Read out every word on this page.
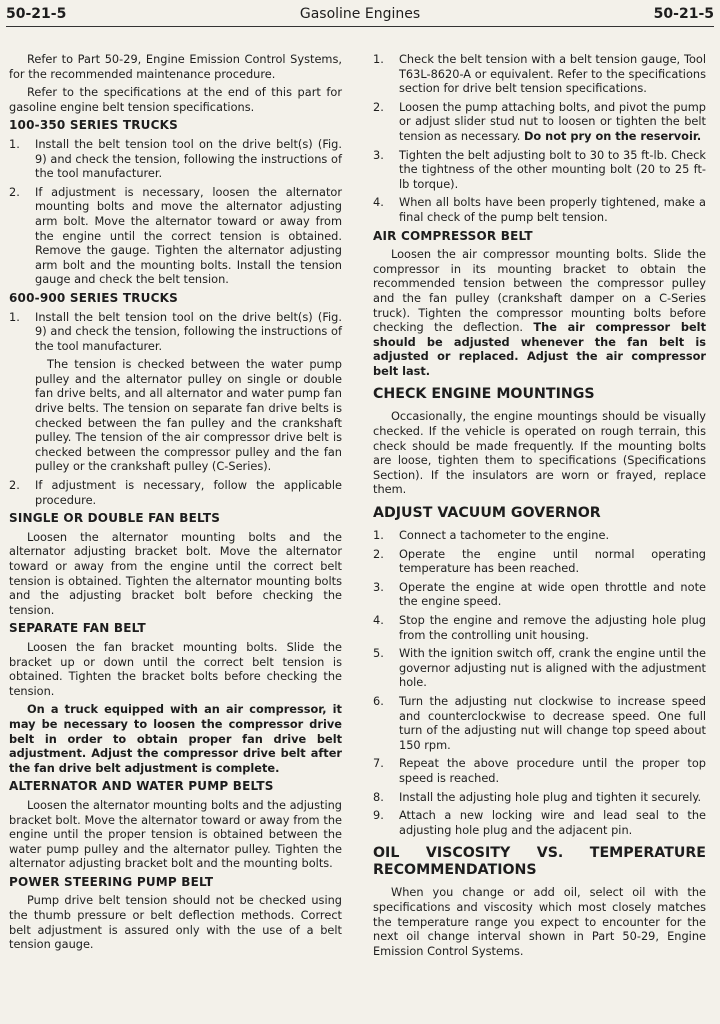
50-21-5	Gasoline Engines	50-21-5

Refer to Part 50-29, Engine Emission Control Systems, for the recommended maintenance procedure.

Refer to the specifications at the end of this part for gasoline engine belt tension specifications.

100-350 SERIES TRUCKS
1. Install the belt tension tool on the drive belt(s) (Fig. 9) and check the tension, following the instructions of the tool manufacturer.
2. If adjustment is necessary, loosen the alternator mounting bolts and move the alternator adjusting arm bolt. Move the alternator toward or away from the engine until the correct tension is obtained. Remove the gauge. Tighten the alternator adjusting arm bolt and the mounting bolts. Install the tension gauge and check the belt tension.
600-900 SERIES TRUCKS
1. Install the belt tension tool on the drive belt(s) (Fig. 9) and check the tension, following the instructions of the tool manufacturer.

The tension is checked between the water pump pulley and the alternator pulley on single or double fan drive belts, and all alternator and water pump fan drive belts. The tension on separate fan drive belts is checked between the fan pulley and the crankshaft pulley. The tension of the air compressor drive belt is checked between the compressor pulley and the fan pulley or the crankshaft pulley (C-Series).

2. If adjustment is necessary, follow the applicable procedure.
SINGLE OR DOUBLE FAN BELTS

Loosen the alternator mounting bolts and the alternator adjusting bracket bolt. Move the alternator toward or away from the engine until the correct belt tension is obtained. Tighten the alternator mounting bolts and the adjusting bracket bolt before checking the tension.

SEPARATE FAN BELT

Loosen the fan bracket mounting bolts. Slide the bracket up or down until the correct belt tension is obtained. Tighten the bracket bolts before checking the tension.

On a truck equipped with an air compressor, it may be necessary to loosen the compressor drive belt in order to obtain proper fan drive belt adjustment. Adjust the compressor drive belt after the fan drive belt adjustment is complete.

ALTERNATOR AND WATER PUMP BELTS

Loosen the alternator mounting bolts and the adjusting bracket bolt. Move the alternator toward or away from the engine until the proper tension is obtained between the water pump pulley and the alternator pulley. Tighten the alternator adjusting bracket bolt and the mounting bolts.

POWER STEERING PUMP BELT

Pump drive belt tension should not be checked using the thumb pressure or belt deflection methods. Correct belt adjustment is assured only with the use of a belt tension gauge.

1. Check the belt tension with a belt tension gauge, Tool T63L-8620-A or equivalent. Refer to the specifications section for drive belt tension specifications.
2. Loosen the pump attaching bolts, and pivot the pump or adjust slider stud nut to loosen or tighten the belt tension as necessary. Do not pry on the reservoir.
3. Tighten the belt adjusting bolt to 30 to 35 ft-lb. Check the tightness of the other mounting bolt (20 to 25 ft-lb torque).
4. When all bolts have been properly tightened, make a final check of the pump belt tension.
AIR COMPRESSOR BELT

Loosen the air compressor mounting bolts. Slide the compressor in its mounting bracket to obtain the recommended tension between the compressor pulley and the fan pulley (crankshaft damper on a C-Series truck). Tighten the compressor mounting bolts before checking the deflection. The air compressor belt should be adjusted whenever the fan belt is adjusted or replaced. Adjust the air compressor belt last.

CHECK ENGINE MOUNTINGS

Occasionally, the engine mountings should be visually checked. If the vehicle is operated on rough terrain, this check should be made frequently. If the mounting bolts are loose, tighten them to specifications (Specifications Section). If the insulators are worn or frayed, replace them.

ADJUST VACUUM GOVERNOR
1. Connect a tachometer to the engine.
2. Operate the engine until normal operating temperature has been reached.
3. Operate the engine at wide open throttle and note the engine speed.
4. Stop the engine and remove the adjusting hole plug from the controlling unit housing.
5. With the ignition switch off, crank the engine until the governor adjusting nut is aligned with the adjustment hole.
6. Turn the adjusting nut clockwise to increase speed and counterclockwise to decrease speed. One full turn of the adjusting nut will change top speed about 150 rpm.
7. Repeat the above procedure until the proper top speed is reached.
8. Install the adjusting hole plug and tighten it securely.
9. Attach a new locking wire and lead seal to the adjusting hole plug and the adjacent pin.
OIL VISCOSITY VS. TEMPERATURE RECOMMENDATIONS

When you change or add oil, select oil with the specifications and viscosity which most closely matches the temperature range you expect to encounter for the next oil change interval shown in Part 50-29, Engine Emission Control Systems.
